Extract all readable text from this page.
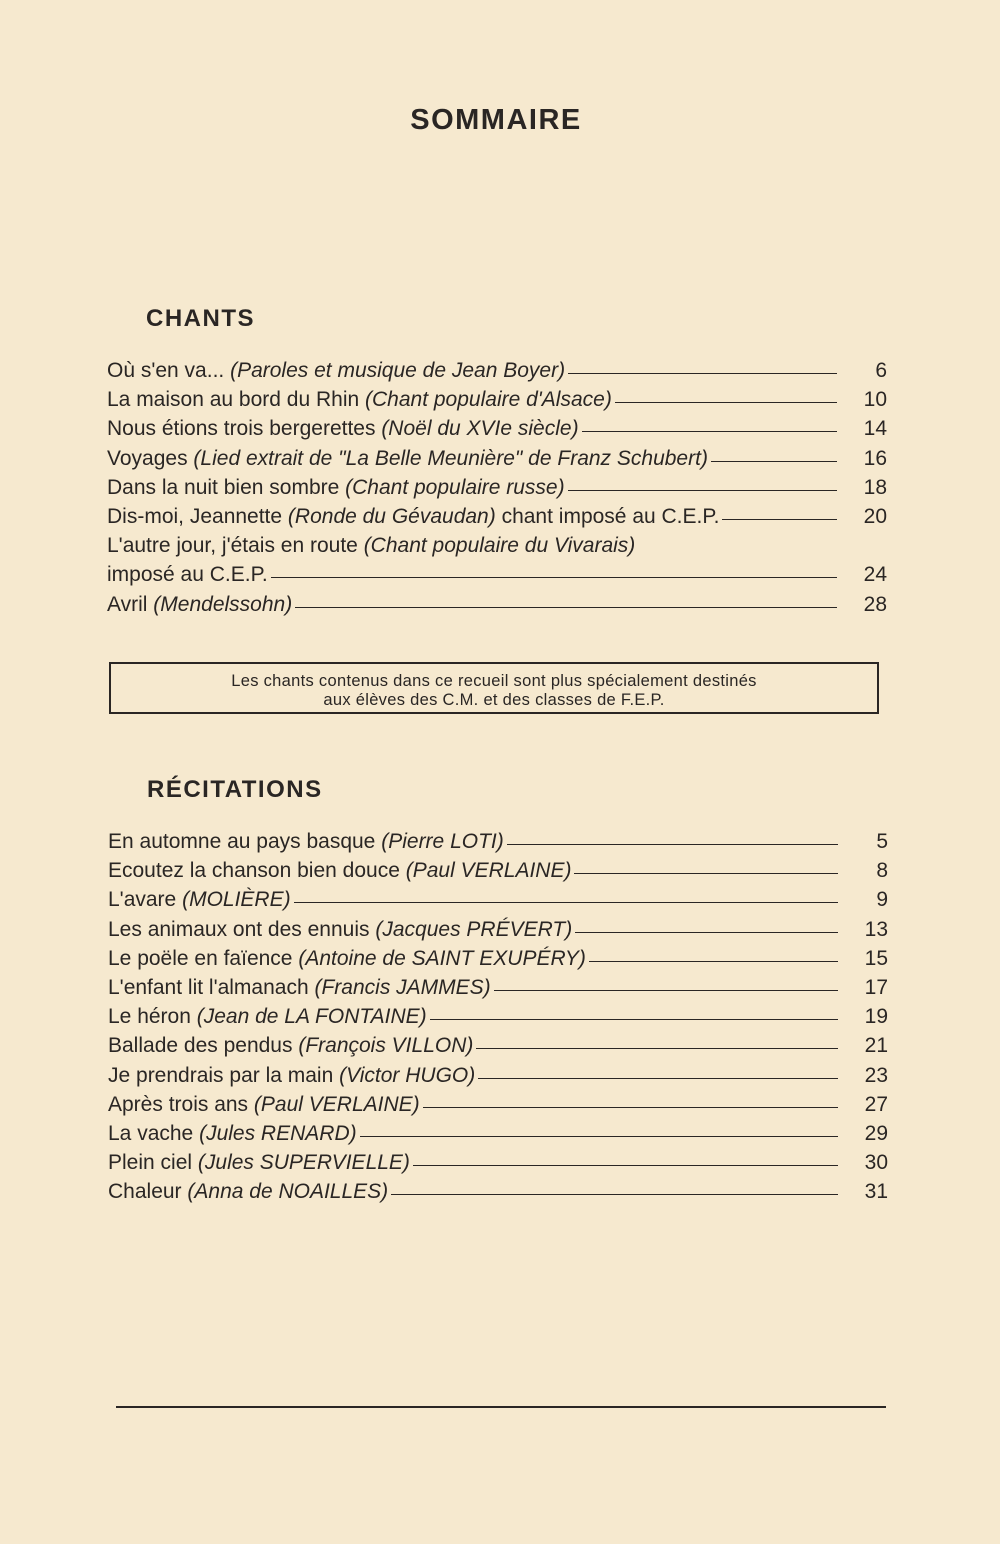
SOMMAIRE
CHANTS
Où s'en va... (Paroles et musique de Jean Boyer)	6
La maison au bord du Rhin (Chant populaire d'Alsace)	10
Nous étions trois bergerettes (Noël du XVIe siècle)	14
Voyages (Lied extrait de "La Belle Meunière" de Franz Schubert)	16
Dans la nuit bien sombre (Chant populaire russe)	18
Dis-moi, Jeannette (Ronde du Gévaudan) chant imposé au C.E.P.	20
L'autre jour, j'étais en route (Chant populaire du Vivarais)
imposé au C.E.P.	24
Avril (Mendelssohn)	28
Les chants contenus dans ce recueil sont plus spécialement destinés
aux élèves des C.M. et des classes de F.E.P.
RÉCITATIONS
En automne au pays basque (Pierre LOTI)	5
Ecoutez la chanson bien douce (Paul VERLAINE)	8
L'avare (MOLIÈRE)	9
Les animaux ont des ennuis (Jacques PRÉVERT)	13
Le poële en faïence (Antoine de SAINT EXUPÉRY)	15
L'enfant lit l'almanach (Francis JAMMES)	17
Le héron (Jean de LA FONTAINE)	19
Ballade des pendus (François VILLON)	21
Je prendrais par la main (Victor HUGO)	23
Après trois ans (Paul VERLAINE)	27
La vache (Jules RENARD)	29
Plein ciel (Jules SUPERVIELLE)	30
Chaleur (Anna de NOAILLES)	31
